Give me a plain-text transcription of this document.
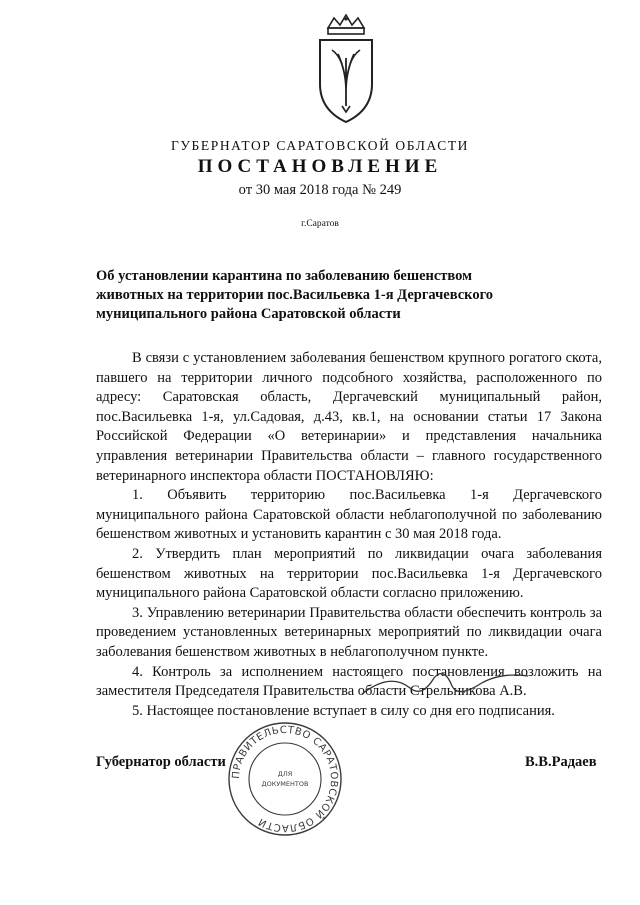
ГУБЕРНАТОР САРАТОВСКОЙ ОБЛАСТИ
ПОСТАНОВЛЕНИЕ
от 30 мая 2018 года № 249
г.Саратов
Об установлении карантина по заболеванию бешенством
животных на территории пос.Васильевка 1-я Дергачевского
муниципального района Саратовской области

В связи с установлением заболевания бешенством крупного рогатого скота, павшего на территории личного подсобного хозяйства, расположенного по адресу: Саратовская область, Дергачевский муниципальный район, пос.Васильевка 1-я, ул.Садовая, д.43, кв.1, на основании статьи 17 Закона Российской Федерации «О ветеринарии» и представления начальника управления ветеринарии Правительства области – главного государственного ветеринарного инспектора области ПОСТАНОВЛЯЮ:

1. Объявить территорию пос.Васильевка 1-я Дергачевского муниципального района Саратовской области неблагополучной по заболеванию бешенством животных и установить карантин с 30 мая 2018 года.

2. Утвердить план мероприятий по ликвидации очага заболевания бешенством животных на территории пос.Васильевка 1-я Дергачевского муниципального района Саратовской области согласно приложению.

3. Управлению ветеринарии Правительства области обеспечить контроль за проведением установленных ветеринарных мероприятий по ликвидации очага заболевания бешенством животных в неблагополучном пункте.

4. Контроль за исполнением настоящего постановления возложить на заместителя Председателя Правительства области Стрельникова А.В.

5. Настоящее постановление вступает в силу со дня его подписания.

Губернатор области	В.В.Радаев
ПРАВИТЕЛЬСТВО САРАТОВСКОЙ ОБЛАСТИ
ДЛЯ
ДОКУМЕНТОВ
